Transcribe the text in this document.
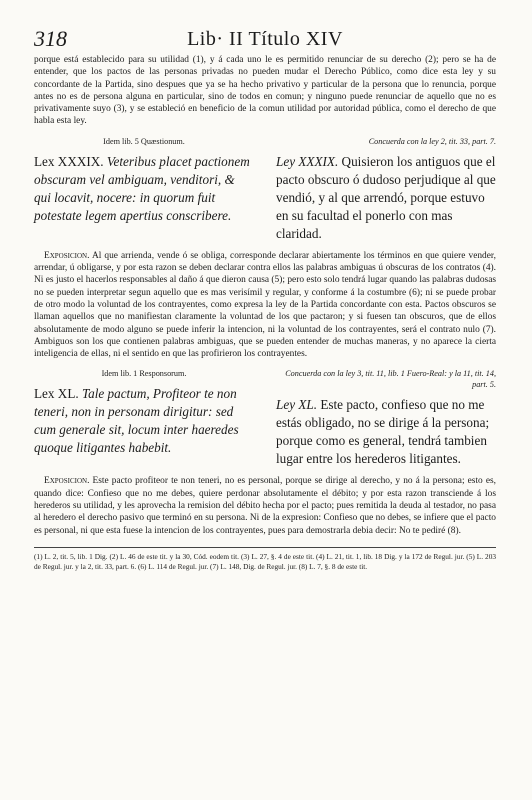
318	Lib· II Título XIV

porque está establecido para su utilidad (1), y á cada uno le es permitido renunciar de su derecho (2); pero se ha de entender, que los pactos de las personas privadas no pueden mudar el Derecho Público, como dice esta ley y su concordante de la Partida, sino despues que ya se ha hecho privativo y particular de la persona que lo renuncia, porque antes no es de persona alguna en particular, sino de todos en comun; y ninguno puede renunciar de aquello que no es privativamente suyo (3), y se estableció en beneficio de la comun utilidad por autoridad pública, como el derecho de que habla esta ley.

Idem lib. 5 Quæstionum.

Lex XXXIX. Veteribus placet pactionem obscuram vel ambiguam, venditori, & qui locavit, nocere: in quorum fuit potestate legem apertius conscribere.

Concuerda con la ley 2, tit. 33, part. 7.

Ley XXXIX. Quisieron los antiguos que el pacto obscuro ó dudoso perjudique al que vendió, y al que arrendó, porque estuvo en su facultad el ponerlo con mas claridad.

Exposicion. Al que arrienda, vende ó se obliga, corresponde declarar abiertamente los términos en que quiere vender, arrendar, ú obligarse, y por esta razon se deben declarar contra ellos las palabras ambiguas ú obscuras de los contratos (4). Ni es justo el hacerlos responsables al daño á que dieron causa (5); pero esto solo tendrá lugar quando las palabras dudosas no se pueden interpretar segun aquello que es mas verisímil y regular, y conforme á la costumbre (6); ni se puede probar de otro modo la voluntad de los contrayentes, como expresa la ley de la Partida concordante con esta. Pactos obscuros se llaman aquellos que no manifiestan claramente la voluntad de los que pactaron; y si fuesen tan obscuros, que de ellos absolutamente de modo alguno se puede inferir la intencion, ni la voluntad de los contrayentes, será el contrato nulo (7). Ambiguos son los que contienen palabras ambiguas, que se pueden entender de muchas maneras, y no aparece la cierta inteligencia de ellas, ni el sentido en que las profirieron los contrayentes.

Idem lib. 1 Responsorum.

Lex XL. Tale pactum, Profiteor te non teneri, non in personam dirigitur: sed cum generale sit, locum inter haeredes quoque litigantes habebit.

Concuerda con la ley 3, tit. 11, lib. 1 Fuero-Real: y la 11, tit. 14, part. 5.

Ley XL. Este pacto, confieso que no me estás obligado, no se dirige á la persona; porque como es general, tendrá tambien lugar entre los herederos litigantes.

Exposicion. Este pacto profiteor te non teneri, no es personal, porque se dirige al derecho, y no á la persona; esto es, quando dice: Confieso que no me debes, quiere perdonar absolutamente el débito; y por esta razon transciende á los herederos su utilidad, y les aprovecha la remision del débito hecha por el pacto; pues remitida la deuda al testador, no pasa al heredero el derecho pasivo que terminó en su persona. Ni de la expresion: Confieso que no debes, se infiere que el pacto es personal, ni que esta fuese la intencion de los contrayentes, pues para demostrarla debia decir: No te pediré (8).

(1) L. 2, tit. 5, lib. 1 Dig. (2) L. 46 de este tit. y la 30, Cód. eodem tit. (3) L. 27, §. 4 de este tit. (4) L. 21, tit. 1, lib. 18 Dig. y la 172 de Regul. jur. (5) L. 203 de Regul. jur. y la 2, tit. 33, part. 6. (6) L. 114 de Regul. jur. (7) L. 148, Dig. de Regul. jur. (8) L. 7, §. 8 de este tit.
